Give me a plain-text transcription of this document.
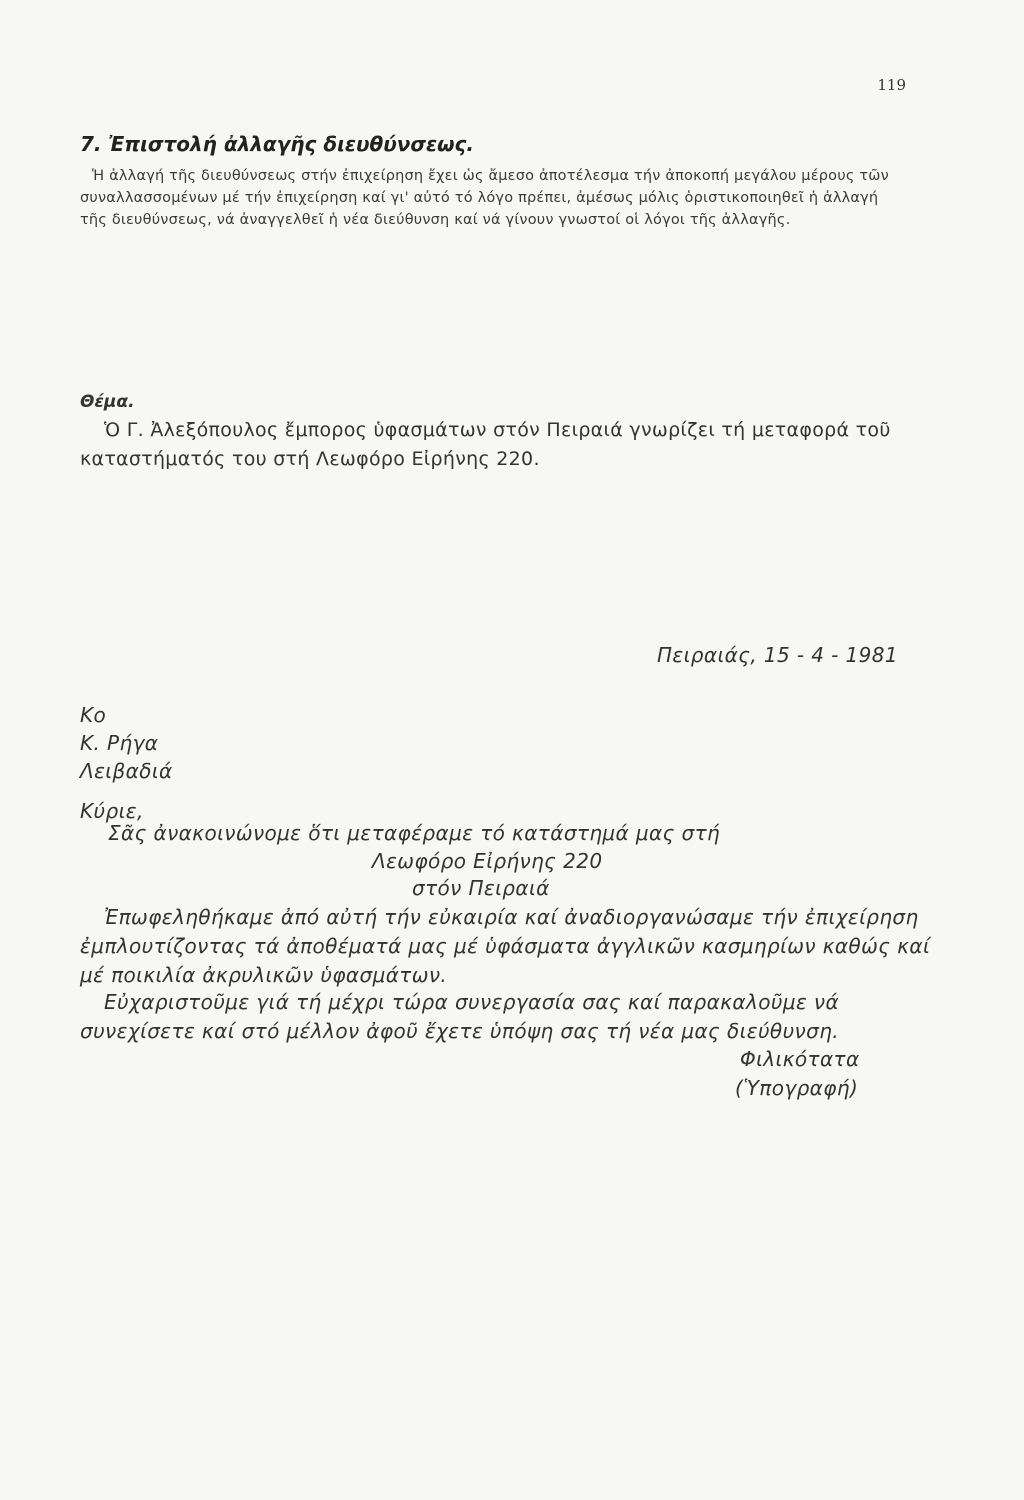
119
7. Ἐπιστολή ἀλλαγῆς διευθύνσεως.

Ἡ ἀλλαγή τῆς διευθύνσεως στήν ἐπιχείρηση ἔχει ὡς ἄμεσο ἀποτέλεσμα τήν ἀποκοπή μεγάλου μέρους τῶν συναλλασσομένων μέ τήν ἐπιχείρηση καί γι' αὐτό τό λόγο πρέπει, ἀμέσως μόλις ὁριστικοποιηθεῖ ἡ ἀλλαγή τῆς διευθύνσεως, νά ἀναγγελθεῖ ἡ νέα διεύθυνση καί νά γίνουν γνωστοί οἱ λόγοι τῆς ἀλλαγῆς.

Θέμα.

Ὁ Γ. Ἀλεξόπουλος ἔμπορος ὑφασμάτων στόν Πειραιά γνωρίζει τή μεταφορά τοῦ καταστήματός του στή Λεωφόρο Εἰρήνης 220.

Πειραιάς, 15 - 4 - 1981
Κο
Κ. Ρήγα
Λειβαδιά
Κύριε,
Σᾶς ἀνακοινώνομε ὅτι μεταφέραμε τό κατάστημά μας στή
Λεωφόρο Εἰρήνης 220
στόν Πειραιά

Ἐπωφεληθήκαμε ἀπό αὐτή τήν εὐκαιρία καί ἀναδιοργανώσαμε τήν ἐπιχείρηση ἐμπλουτίζοντας τά ἀποθέματά μας μέ ὑφάσματα ἀγγλικῶν κασμηρίων καθώς καί μέ ποικιλία ἀκρυλικῶν ὑφασμάτων.

Εὐχαριστοῦμε γιά τή μέχρι τώρα συνεργασία σας καί παρακαλοῦμε νά συνεχίσετε καί στό μέλλον ἀφοῦ ἔχετε ὑπόψη σας τή νέα μας διεύθυνση.

Φιλικότατα
(Ὑπογραφή)
